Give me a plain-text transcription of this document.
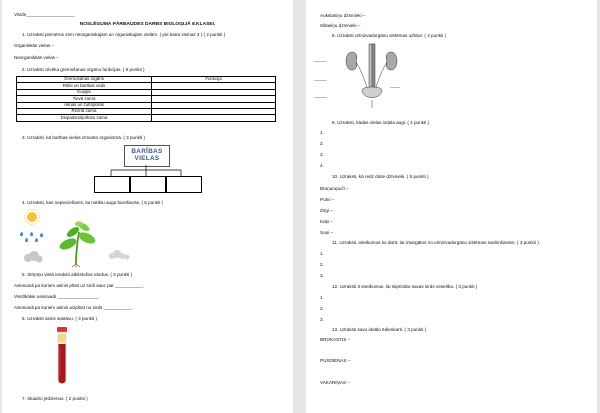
Vārds___________________
NOSLĒGUMA PĀRBAUDES DARBS BIOLOĢIJĀ 8.KLASEI.
1. Uzraksti piemērus zem neorganiskajām un organiskajām vielām. ( pie katra vismaz 3 ) ( 2 punkti )
Organiskās vielas –
Neorganiskās vielas –
2. Uzraksti cilvēka gremošanas orgānu funkcijas. ( 6 punkti )
Gremošanas orgāns	Funkcija
Rīkle un barības vads	
Kuņģis	
Tievā zarna	
Aknas un žultspūslis	
Resnā zarna	
Divpadsmitpirkstu zarna	
3. Uzraksti, kā barības vielas izmanto organismā. ( 3 punkti )
BARĪBAS VIELAS
4. Uzraksti, kas nepieciešams, lai notiktu auga barošanās. ( 5 punkti )
5. Strīpiņu vietā ieraksti atbilstošos vārdus. ( 3 punkti )
Asinsvadi pa kuriem asinis plūst uz sirdi sauc par ___________.
Visslīkākie asinsvadi ________________.
Asinsvadi pa kuriem asinis aizplūst no sirds ___________.
6. Uzraksti asins sastāvu. ( 3 punkti )
7. Skaidro jēdzienus. ( 2 punkti )
Aukstasiņu dzīvnieki –
Siltasiņu dzīvnieki –
8. Uzraksti urīnizvadorgānu sistēmas uzbūvi. ( 4 punkti )
_____
_____
_____
____
9. Uzraksti, kādas vielas izdala augi. ( 4 punkti )
1.
2.
3.
4.
10. Uzraksti, kā redz dotie dzīvnieki. ( 5 punkti )
Bruņurupuči –
Putni –
Zirgi –
Kaķi –
Suņi –
11. Uzraksti, ieteikumus ko darīt, lai izsargātos no urīnizvadorgānu sistēmas saslimšanām. ( 3 punkti )
1.
2.
3.
12. Uzraksti 3 ieteikumus, lai stiprinātu savas sirds veselību. ( 3 punkti )
1.
2.
3.
13. Uzraksti savu ideālo ēdienkarti. ( 3 punkti )
BROKASTIS –
PUSDIENAS –
VAKARIŅAS –
